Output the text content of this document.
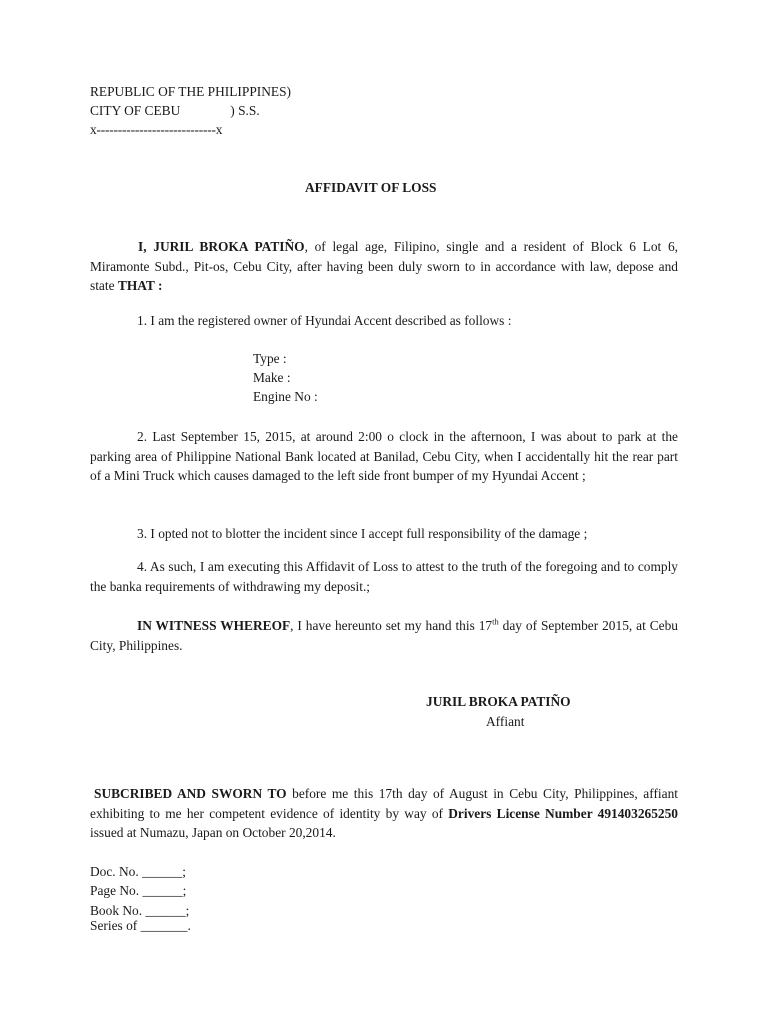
REPUBLIC OF THE PHILIPPINES)
CITY OF CEBU	) S.S.
x----------------------------x
AFFIDAVIT OF LOSS
I, JURIL BROKA PATIÑO, of legal age, Filipino, single and a resident of Block 6 Lot 6, Miramonte Subd., Pit-os, Cebu City, after having been duly sworn to in accordance with law, depose and state THAT :
1. I am the registered owner of Hyundai Accent described as follows :
Type :
Make :
Engine No :
2. Last September 15, 2015, at around 2:00 o clock in the afternoon, I was about to park at the parking area of Philippine National Bank located at Banilad, Cebu City, when I accidentally hit the rear part of a Mini Truck which causes damaged to the left side front bumper of my Hyundai Accent ;
3. I opted not to blotter the incident since I accept full responsibility of the damage ;
4. As such, I am executing this Affidavit of Loss to attest to the truth of the foregoing and to comply the banka requirements of withdrawing my deposit.;
IN WITNESS WHEREOF, I have hereunto set my hand this 17th day of September 2015, at Cebu City, Philippines.
JURIL BROKA PATIÑO
Affiant
SUBCRIBED AND SWORN TO before me this 17th day of August in Cebu City, Philippines, affiant exhibiting to me her competent evidence of identity by way of Drivers License Number 491403265250 issued at Numazu, Japan on October 20,2014.
Doc. No. ______;
Page No. ______;
Book No. ______;
Series of _______.
